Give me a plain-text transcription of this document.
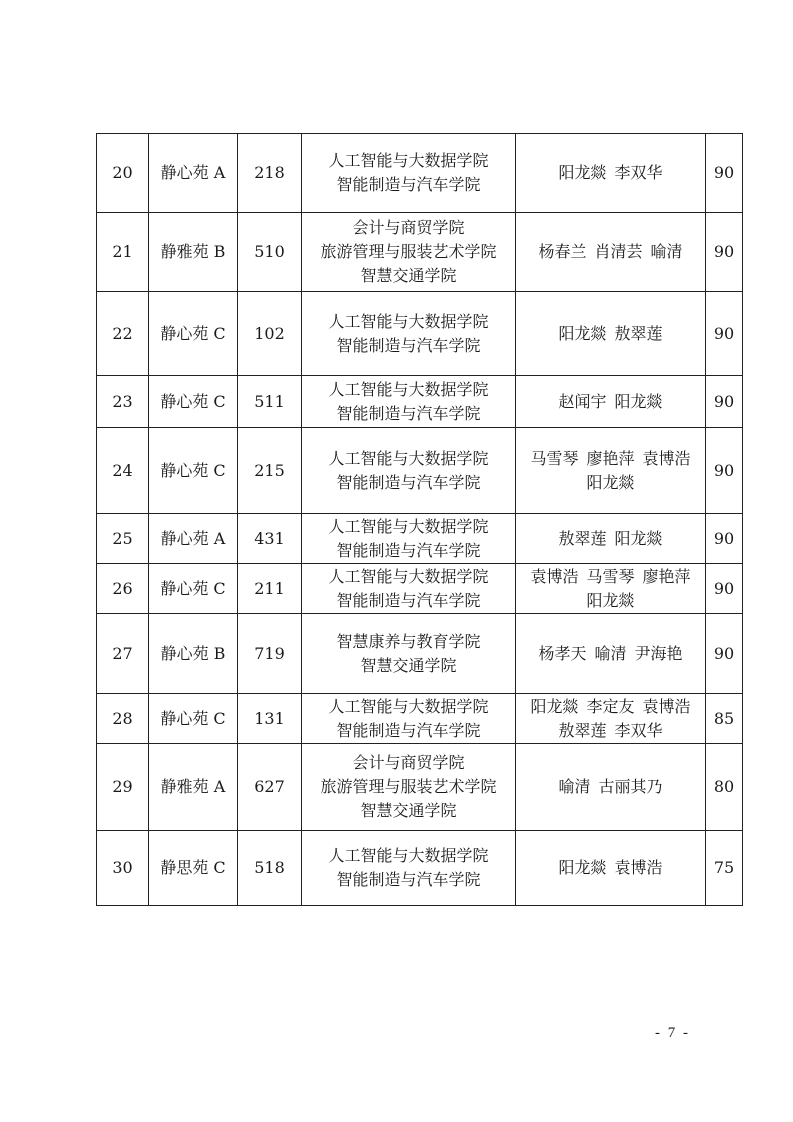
20	静心苑 A	218	人工智能与大数据学院
智能制造与汽车学院	阳龙燚 李双华	90
21	静雅苑 B	510	会计与商贸学院
旅游管理与服装艺术学院
智慧交通学院	杨春兰 肖清芸 喻清	90
22	静心苑 C	102	人工智能与大数据学院
智能制造与汽车学院	阳龙燚 敖翠莲	90
23	静心苑 C	511	人工智能与大数据学院
智能制造与汽车学院	赵闻宇 阳龙燚	90
24	静心苑 C	215	人工智能与大数据学院
智能制造与汽车学院	马雪琴 廖艳萍 袁博浩
阳龙燚	90
25	静心苑 A	431	人工智能与大数据学院
智能制造与汽车学院	敖翠莲 阳龙燚	90
26	静心苑 C	211	人工智能与大数据学院
智能制造与汽车学院	袁博浩 马雪琴 廖艳萍
阳龙燚	90
27	静心苑 B	719	智慧康养与教育学院
智慧交通学院	杨孝天 喻清 尹海艳	90
28	静心苑 C	131	人工智能与大数据学院
智能制造与汽车学院	阳龙燚 李定友 袁博浩
敖翠莲 李双华	85
29	静雅苑 A	627	会计与商贸学院
旅游管理与服装艺术学院
智慧交通学院	喻清 古丽其乃	80
30	静思苑 C	518	人工智能与大数据学院
智能制造与汽车学院	阳龙燚 袁博浩	75
- 7 -
